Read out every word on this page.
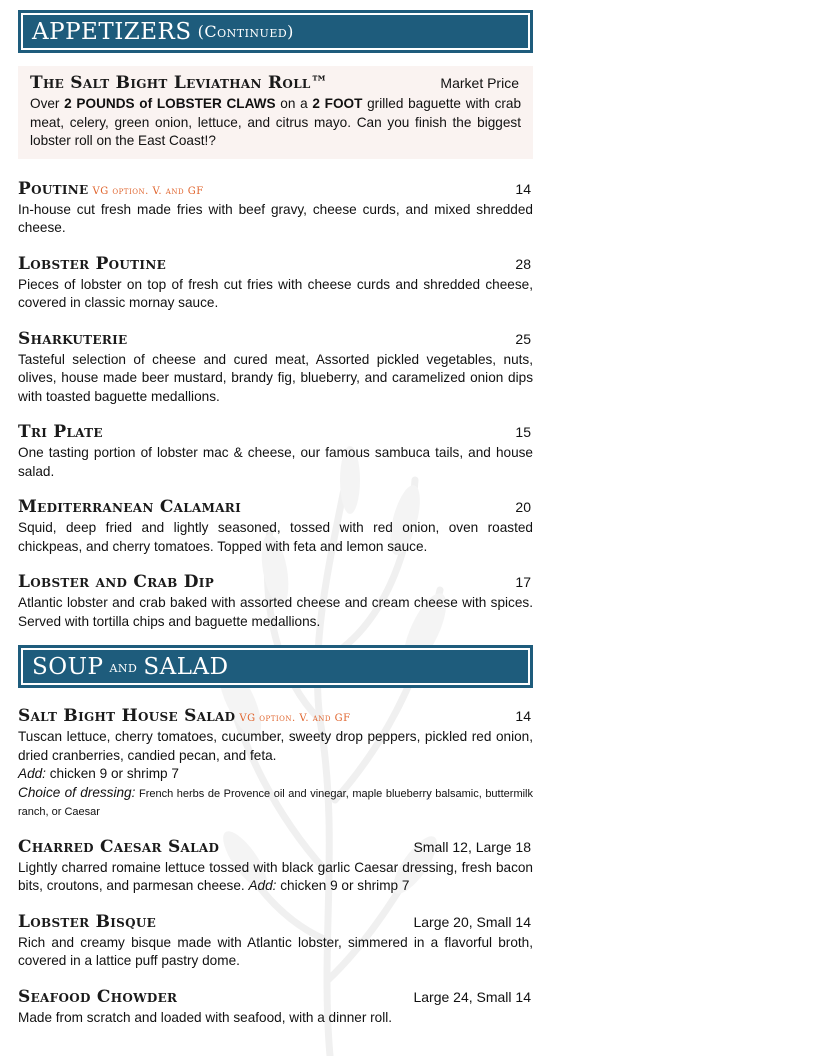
APPETIZERS (Continued)
The Salt Bight Leviathan Roll™	Market Price
Over 2 POUNDS of LOBSTER CLAWS on a 2 FOOT grilled baguette with crab meat, celery, green onion, lettuce, and citrus mayo. Can you finish the biggest lobster roll on the East Coast!?
Poutine VG option. V. and GF	14
In-house cut fresh made fries with beef gravy, cheese curds, and mixed shredded cheese.
Lobster Poutine	28
Pieces of lobster on top of fresh cut fries with cheese curds and shredded cheese, covered in classic mornay sauce.
Sharkuterie	25
Tasteful selection of cheese and cured meat, Assorted pickled vegetables, nuts, olives, house made beer mustard, brandy fig, blueberry, and caramelized onion dips with toasted baguette medallions.
Tri Plate	15
One tasting portion of lobster mac & cheese, our famous sambuca tails, and house salad.
Mediterranean Calamari	20
Squid, deep fried and lightly seasoned, tossed with red onion, oven roasted chickpeas, and cherry tomatoes. Topped with feta and lemon sauce.
Lobster and Crab Dip	17
Atlantic lobster and crab baked with assorted cheese and cream cheese with spices. Served with tortilla chips and baguette medallions.
SOUP and SALAD
Salt Bight House Salad VG option. V. and GF	14
Tuscan lettuce, cherry tomatoes, cucumber, sweety drop peppers, pickled red onion, dried cranberries, candied pecan, and feta.
Add: chicken 9 or shrimp 7
Choice of dressing: French herbs de Provence oil and vinegar, maple blueberry balsamic, buttermilk ranch, or Caesar
Charred Caesar Salad	Small 12, Large 18
Lightly charred romaine lettuce tossed with black garlic Caesar dressing, fresh bacon bits, croutons, and parmesan cheese. Add: chicken 9 or shrimp 7
Lobster Bisque	Large 20, Small 14
Rich and creamy bisque made with Atlantic lobster, simmered in a flavorful broth, covered in a lattice puff pastry dome.
Seafood Chowder	Large 24, Small 14
Made from scratch and loaded with seafood, with a dinner roll.
